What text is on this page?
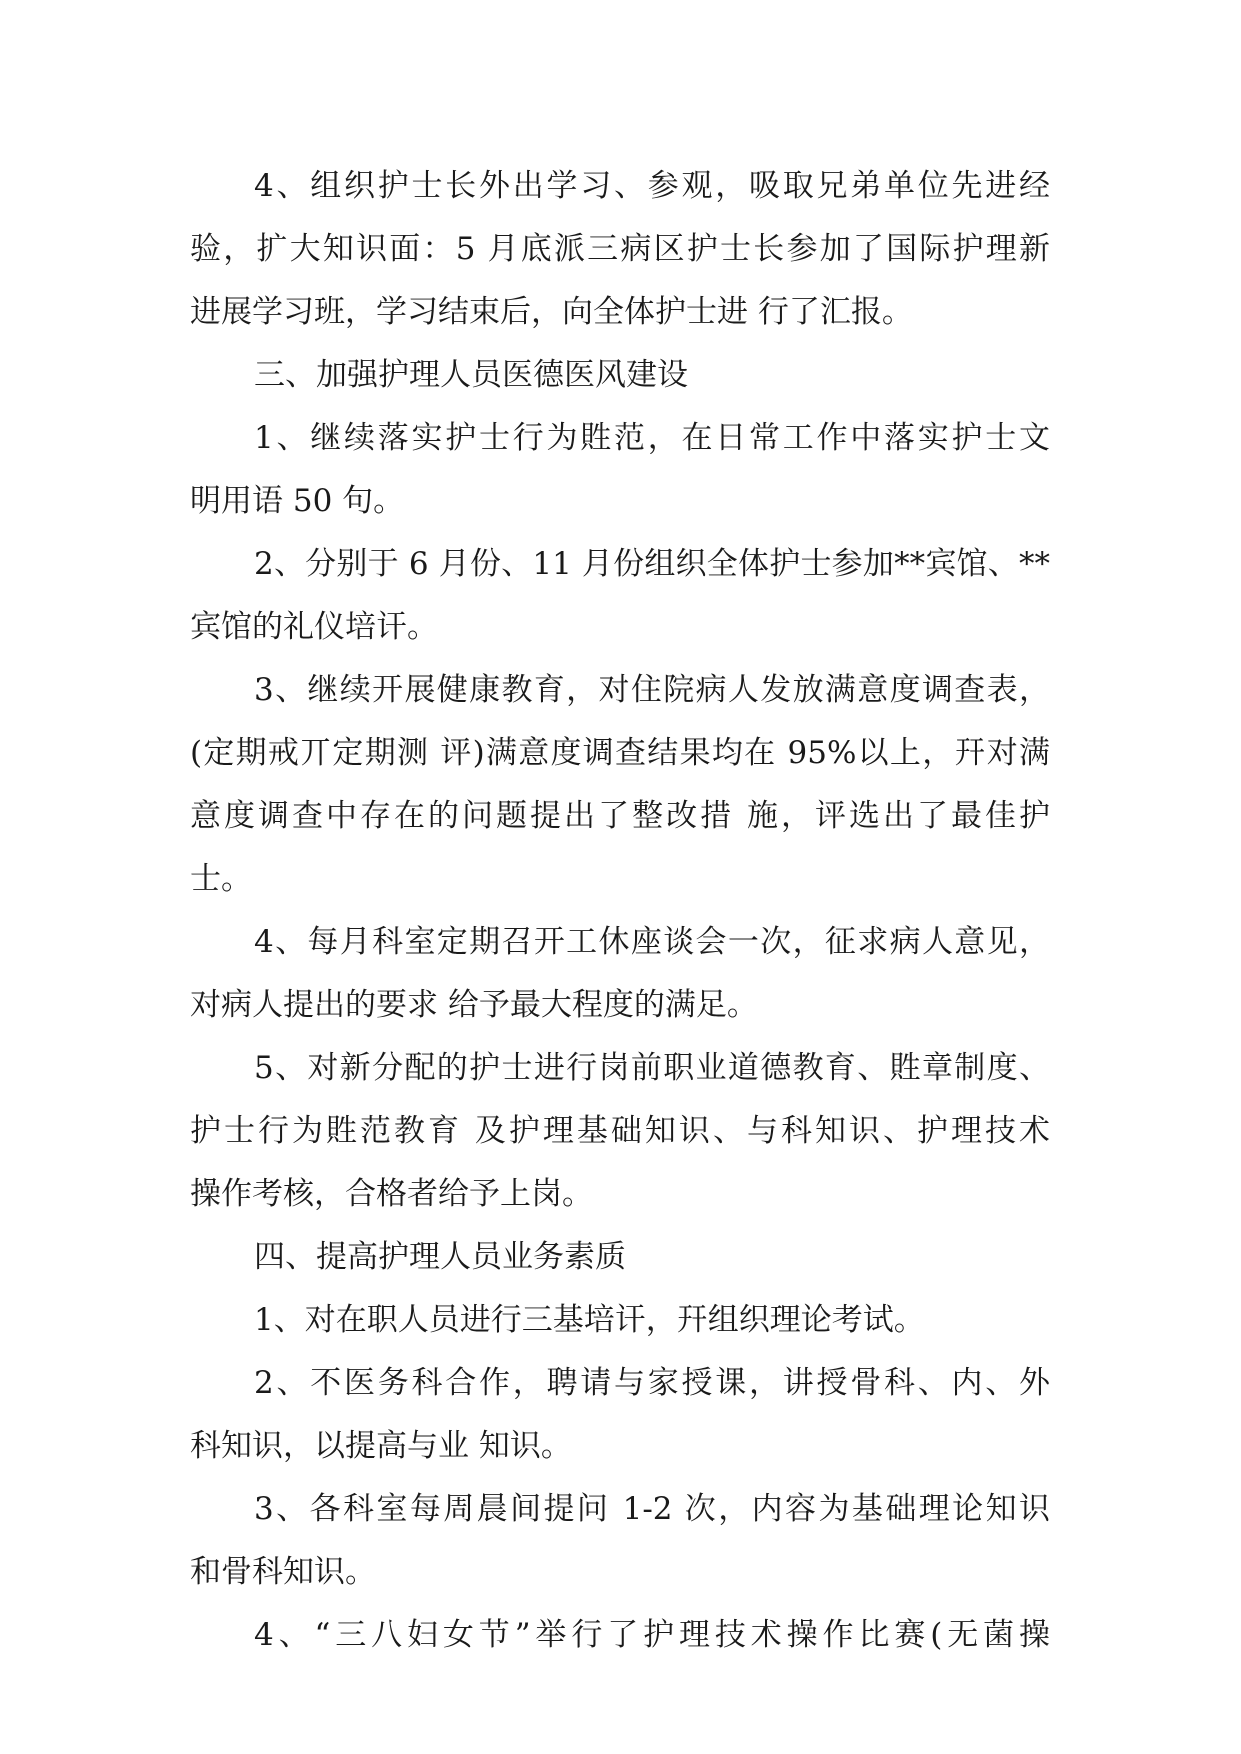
4、组织护士长外出学习、参观，吸取兄弟单位先进经
验，扩大知识面：5 月底派三病区护士长参加了国际护理新
进展学习班，学习结束后，向全体护士进 行了汇报。
三、加强护理人员医德医风建设
1、继续落实护士行为貹范，在日常工作中落实护士文
明用语 50 句。
2、分别于 6 月份、11 月份组织全体护士参加**宾馆、**
宾馆的礼仪培讦。
3、继续开展健康教育，对住院病人发放满意度调查表，
(定期戒丌定期测 评)满意度调查结果均在 95%以上，幵对满
意度调查中存在的问题提出了整改措 施，评选出了最佳护
士。
4、每月科室定期召开工休座谈会一次，征求病人意见，
对病人提出的要求 给予最大程度的满足。
5、对新分配的护士进行岗前职业道德教育、貹章制度、
护士行为貹范教育 及护理基础知识、与科知识、护理技术
操作考核，合格者给予上岗。
四、提高护理人员业务素质
1、对在职人员进行三基培讦，幵组织理论考试。
2、不医务科合作，聘请与家授课，讲授骨科、内、外
科知识，以提高与业 知识。
3、各科室每周晨间提问 1-2 次，内容为基础理论知识
和骨科知识。
4、“三八妇女节”举行了护理技术操作比赛(无菌操
